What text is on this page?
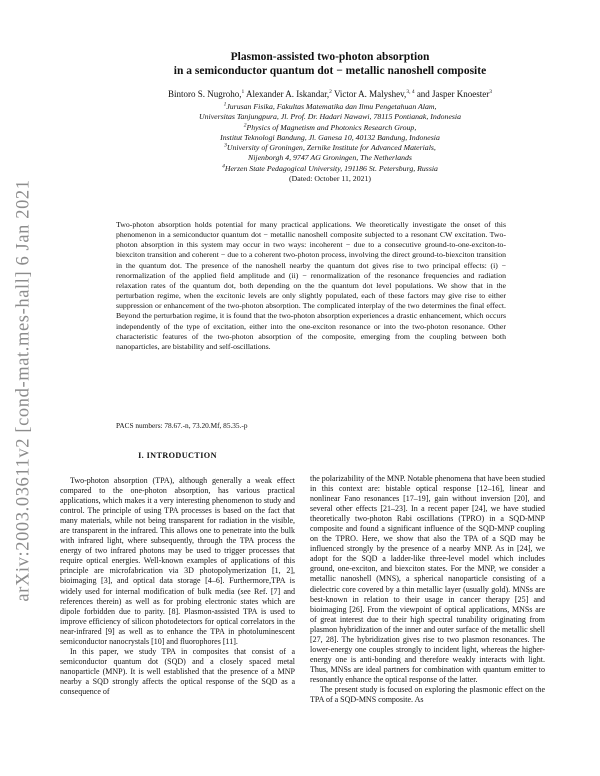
arXiv:2003.03611v2 [cond-mat.mes-hall] 6 Jan 2021
Plasmon-assisted two-photon absorption
in a semiconductor quantum dot − metallic nanoshell composite
Bintoro S. Nugroho,$^1$ Alexander A. Iskandar,$^2$ Victor A. Malyshev,$^{3, 4}$ and Jasper Knoester$^3$
$^1$Jurusan Fisika, Fakultas Matematika dan Ilmu Pengetahuan Alam,
Universitas Tanjungpura, Jl. Prof. Dr. Hadari Nawawi, 78115 Pontianak, Indonesia
$^2$Physics of Magnetism and Photonics Research Group,
Institut Teknologi Bandung, Jl. Ganesa 10, 40132 Bandung, Indonesia
$^3$University of Groningen, Zernike Institute for Advanced Materials,
Nijenborgh 4, 9747 AG Groningen, The Netherlands
$^4$Herzen State Pedagogical University, 191186 St. Petersburg, Russia
(Dated: October 11, 2021)
Two-photon absorption holds potential for many practical applications. We theoretically investigate the onset of this phenomenon in a semiconductor quantum dot − metallic nanoshell composite subjected to a resonant CW excitation. Two-photon absorption in this system may occur in two ways: incoherent − due to a consecutive ground-to-one-exciton-to-biexciton transition and coherent − due to a coherent two-photon process, involving the direct ground-to-biexciton transition in the quantum dot. The presence of the nanoshell nearby the quantum dot gives rise to two principal effects: (i) − renormalization of the applied field amplitude and (ii) − renormalization of the resonance frequencies and radiation relaxation rates of the quantum dot, both depending on the the quantum dot level populations. We show that in the perturbation regime, when the excitonic levels are only slightly populated, each of these factors may give rise to either suppression or enhancement of the two-photon absorption. The complicated interplay of the two determines the final effect. Beyond the perturbation regime, it is found that the two-photon absorption experiences a drastic enhancement, which occurs independently of the type of excitation, either into the one-exciton resonance or into the two-photon resonance. Other characteristic features of the two-photon absorption of the composite, emerging from the coupling between both nanoparticles, are bistability and self-oscillations.
PACS numbers: 78.67.-n, 73.20.Mf, 85.35.-p
I. INTRODUCTION

Two-photon absorption (TPA), although generally a weak effect compared to the one-photon absorption, has various practical applications, which makes it a very interesting phenomenon to study and control. The principle of using TPA processes is based on the fact that many materials, while not being transparent for radiation in the visible, are transparent in the infrared. This allows one to penetrate into the bulk with infrared light, where subsequently, through the TPA process the energy of two infrared photons may be used to trigger processes that require optical energies. Well-known examples of applications of this principle are microfabrication via 3D photopolymerization [1, 2], bioimaging [3], and optical data storage [4–6]. Furthermore,TPA is widely used for internal modification of bulk media (see Ref. [7] and references therein) as well as for probing electronic states which are dipole forbidden due to parity. [8]. Plasmon-assisted TPA is used to improve efficiency of silicon photodetectors for optical correlators in the near-infrared [9] as well as to enhance the TPA in photoluminescent semiconductor nanocrystals [10] and fluorophores [11].

In this paper, we study TPA in composites that consist of a semiconductor quantum dot (SQD) and a closely spaced metal nanoparticle (MNP). It is well established that the presence of a MNP nearby a SQD strongly affects the optical response of the SQD as a consequence of

the polarizability of the MNP. Notable phenomena that have been studied in this context are: bistable optical response [12–16], linear and nonlinear Fano resonances [17–19], gain without inversion [20], and several other effects [21–23]. In a recent paper [24], we have studied theoretically two-photon Rabi oscillations (TPRO) in a SQD-MNP composite and found a significant influence of the SQD-MNP coupling on the TPRO. Here, we show that also the TPA of a SQD may be influenced strongly by the presence of a nearby MNP. As in [24], we adopt for the SQD a ladder-like three-level model which includes ground, one-exciton, and biexciton states. For the MNP, we consider a metallic nanoshell (MNS), a spherical nanoparticle consisting of a dielectric core covered by a thin metallic layer (usually gold). MNSs are best-known in relation to their usage in cancer therapy [25] and bioimaging [26]. From the viewpoint of optical applications, MNSs are of great interest due to their high spectral tunability originating from plasmon hybridization of the inner and outer surface of the metallic shell [27, 28]. The hybridization gives rise to two plasmon resonances. The lower-energy one couples strongly to incident light, whereas the higher-energy one is anti-bonding and therefore weakly interacts with light. Thus, MNSs are ideal partners for combination with quantum emitter to resonantly enhance the optical response of the latter.

The present study is focused on exploring the plasmonic effect on the TPA of a SQD-MNS composite. As
